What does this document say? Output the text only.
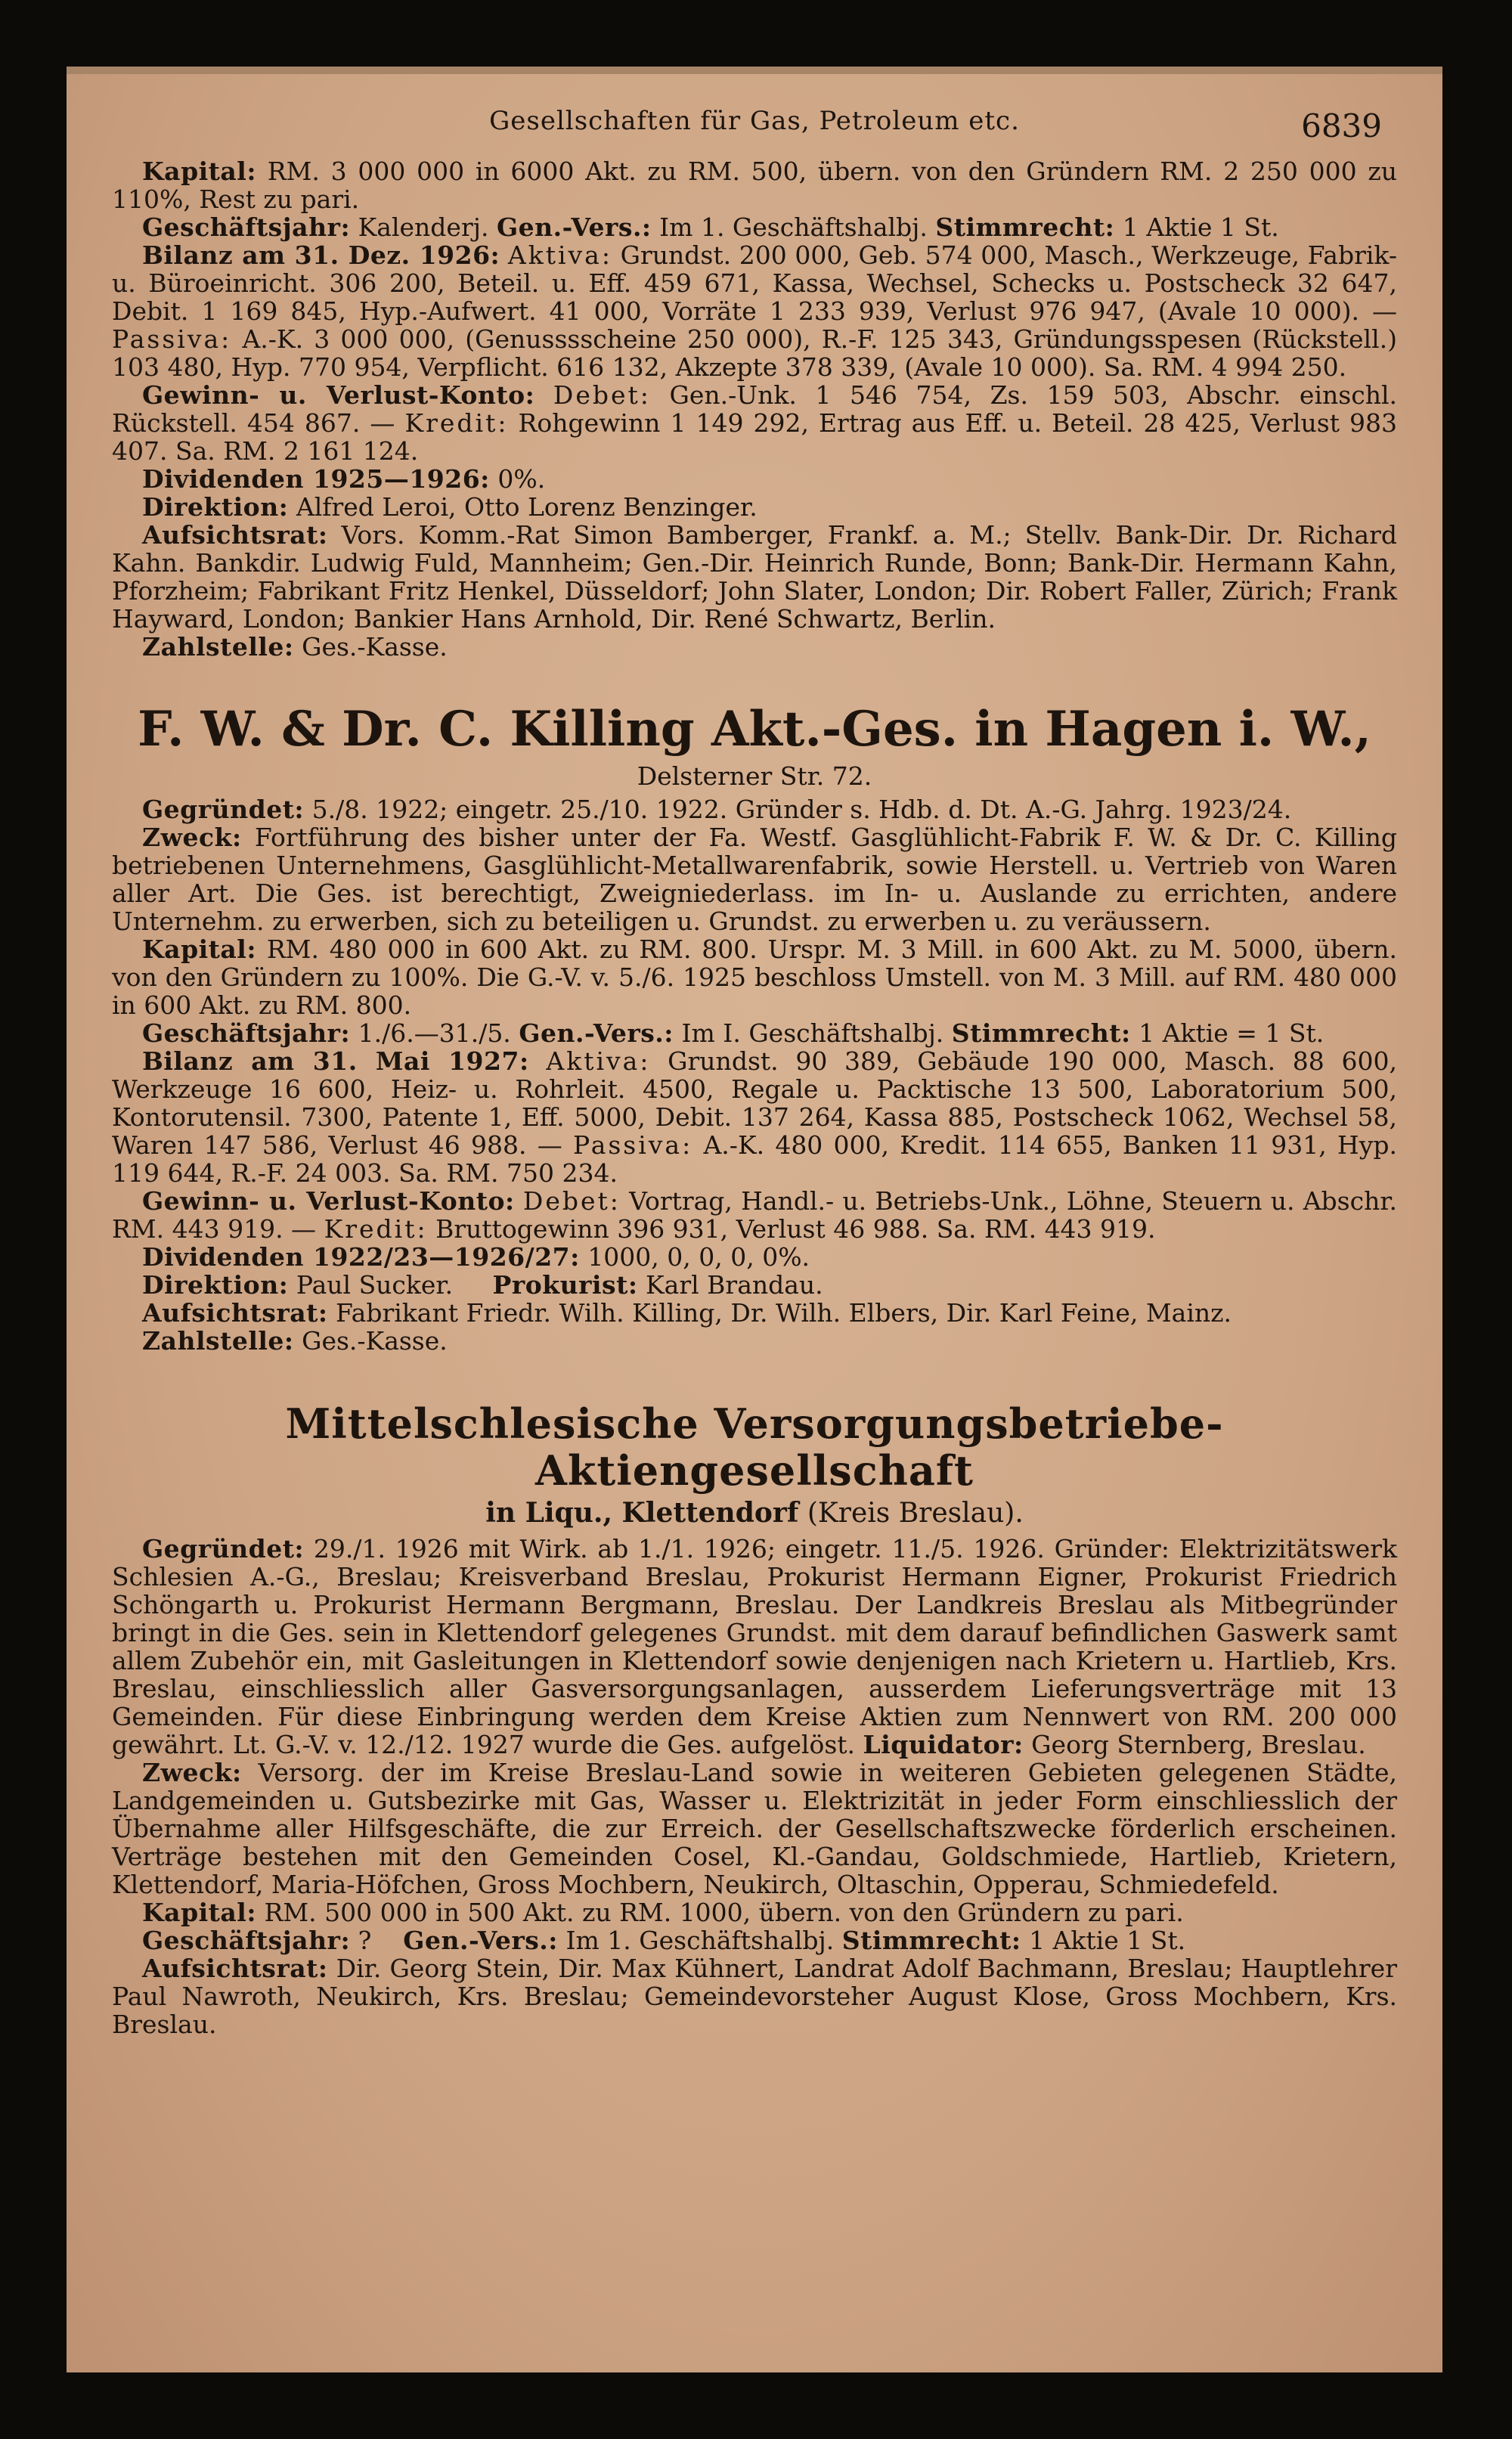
Gesellschaften für Gas, Petroleum etc.	6839

Kapital: RM. 3 000 000 in 6000 Akt. zu RM. 500, übern. von den Gründern RM. 2 250 000 zu 110%, Rest zu pari.

Geschäftsjahr: Kalenderj. Gen.-Vers.: Im 1. Geschäftshalbj. Stimmrecht: 1 Aktie 1 St.

Bilanz am 31. Dez. 1926: Aktiva: Grundst. 200 000, Geb. 574 000, Masch., Werkzeuge, Fabrik- u. Büroeinricht. 306 200, Beteil. u. Eff. 459 671, Kassa, Wechsel, Schecks u. Postscheck 32 647, Debit. 1 169 845, Hyp.-Aufwert. 41 000, Vorräte 1 233 939, Verlust 976 947, (Avale 10 000). — Passiva: A.-K. 3 000 000, (Genusssscheine 250 000), R.-F. 125 343, Gründungsspesen (Rückstell.) 103 480, Hyp. 770 954, Verpflicht. 616 132, Akzepte 378 339, (Avale 10 000). Sa. RM. 4 994 250.

Gewinn- u. Verlust-Konto: Debet: Gen.-Unk. 1 546 754, Zs. 159 503, Abschr. einschl. Rückstell. 454 867. — Kredit: Rohgewinn 1 149 292, Ertrag aus Eff. u. Beteil. 28 425, Verlust 983 407. Sa. RM. 2 161 124.

Dividenden 1925—1926: 0%.

Direktion: Alfred Leroi, Otto Lorenz Benzinger.

Aufsichtsrat: Vors. Komm.-Rat Simon Bamberger, Frankf. a. M.; Stellv. Bank-Dir. Dr. Richard Kahn. Bankdir. Ludwig Fuld, Mannheim; Gen.-Dir. Heinrich Runde, Bonn; Bank-Dir. Hermann Kahn, Pforzheim; Fabrikant Fritz Henkel, Düsseldorf; John Slater, London; Dir. Robert Faller, Zürich; Frank Hayward, London; Bankier Hans Arnhold, Dir. René Schwartz, Berlin.

Zahlstelle: Ges.-Kasse.

F. W. & Dr. C. Killing Akt.-Ges. in Hagen i. W.,
Delsterner Str. 72.

Gegründet: 5./8. 1922; eingetr. 25./10. 1922. Gründer s. Hdb. d. Dt. A.-G. Jahrg. 1923/24.

Zweck: Fortführung des bisher unter der Fa. Westf. Gasglühlicht-Fabrik F. W. & Dr. C. Killing betriebenen Unternehmens, Gasglühlicht-Metallwarenfabrik, sowie Herstell. u. Vertrieb von Waren aller Art. Die Ges. ist berechtigt, Zweigniederlass. im In- u. Auslande zu errichten, andere Unternehm. zu erwerben, sich zu beteiligen u. Grundst. zu erwerben u. zu veräussern.

Kapital: RM. 480 000 in 600 Akt. zu RM. 800. Urspr. M. 3 Mill. in 600 Akt. zu M. 5000, übern. von den Gründern zu 100%. Die G.-V. v. 5./6. 1925 beschloss Umstell. von M. 3 Mill. auf RM. 480 000 in 600 Akt. zu RM. 800.

Geschäftsjahr: 1./6.—31./5. Gen.-Vers.: Im I. Geschäftshalbj. Stimmrecht: 1 Aktie = 1 St.

Bilanz am 31. Mai 1927: Aktiva: Grundst. 90 389, Gebäude 190 000, Masch. 88 600, Werkzeuge 16 600, Heiz- u. Rohrleit. 4500, Regale u. Packtische 13 500, Laboratorium 500, Kontorutensil. 7300, Patente 1, Eff. 5000, Debit. 137 264, Kassa 885, Postscheck 1062, Wechsel 58, Waren 147 586, Verlust 46 988. — Passiva: A.-K. 480 000, Kredit. 114 655, Banken 11 931, Hyp. 119 644, R.-F. 24 003. Sa. RM. 750 234.

Gewinn- u. Verlust-Konto: Debet: Vortrag, Handl.- u. Betriebs-Unk., Löhne, Steuern u. Abschr. RM. 443 919. — Kredit: Bruttogewinn 396 931, Verlust 46 988. Sa. RM. 443 919.

Dividenden 1922/23—1926/27: 1000, 0, 0, 0, 0%.

Direktion: Paul Sucker. Prokurist: Karl Brandau.

Aufsichtsrat: Fabrikant Friedr. Wilh. Killing, Dr. Wilh. Elbers, Dir. Karl Feine, Mainz.

Zahlstelle: Ges.-Kasse.

Mittelschlesische Versorgungsbetriebe-Aktiengesellschaft
in Liqu., Klettendorf (Kreis Breslau).

Gegründet: 29./1. 1926 mit Wirk. ab 1./1. 1926; eingetr. 11./5. 1926. Gründer: Elektrizitätswerk Schlesien A.-G., Breslau; Kreisverband Breslau, Prokurist Hermann Eigner, Prokurist Friedrich Schöngarth u. Prokurist Hermann Bergmann, Breslau. Der Landkreis Breslau als Mitbegründer bringt in die Ges. sein in Klettendorf gelegenes Grundst. mit dem darauf befindlichen Gaswerk samt allem Zubehör ein, mit Gasleitungen in Klettendorf sowie denjenigen nach Krietern u. Hartlieb, Krs. Breslau, einschliesslich aller Gasversorgungsanlagen, ausserdem Lieferungsverträge mit 13 Gemeinden. Für diese Einbringung werden dem Kreise Aktien zum Nennwert von RM. 200 000 gewährt. Lt. G.-V. v. 12./12. 1927 wurde die Ges. aufgelöst. Liquidator: Georg Sternberg, Breslau.

Zweck: Versorg. der im Kreise Breslau-Land sowie in weiteren Gebieten gelegenen Städte, Landgemeinden u. Gutsbezirke mit Gas, Wasser u. Elektrizität in jeder Form einschliesslich der Übernahme aller Hilfsgeschäfte, die zur Erreich. der Gesellschaftszwecke förderlich erscheinen. Verträge bestehen mit den Gemeinden Cosel, Kl.-Gandau, Goldschmiede, Hartlieb, Krietern, Klettendorf, Maria-Höfchen, Gross Mochbern, Neukirch, Oltaschin, Opperau, Schmiedefeld.

Kapital: RM. 500 000 in 500 Akt. zu RM. 1000, übern. von den Gründern zu pari.

Geschäftsjahr: ? Gen.-Vers.: Im 1. Geschäftshalbj. Stimmrecht: 1 Aktie 1 St.

Aufsichtsrat: Dir. Georg Stein, Dir. Max Kühnert, Landrat Adolf Bachmann, Breslau; Hauptlehrer Paul Nawroth, Neukirch, Krs. Breslau; Gemeindevorsteher August Klose, Gross Mochbern, Krs. Breslau.
